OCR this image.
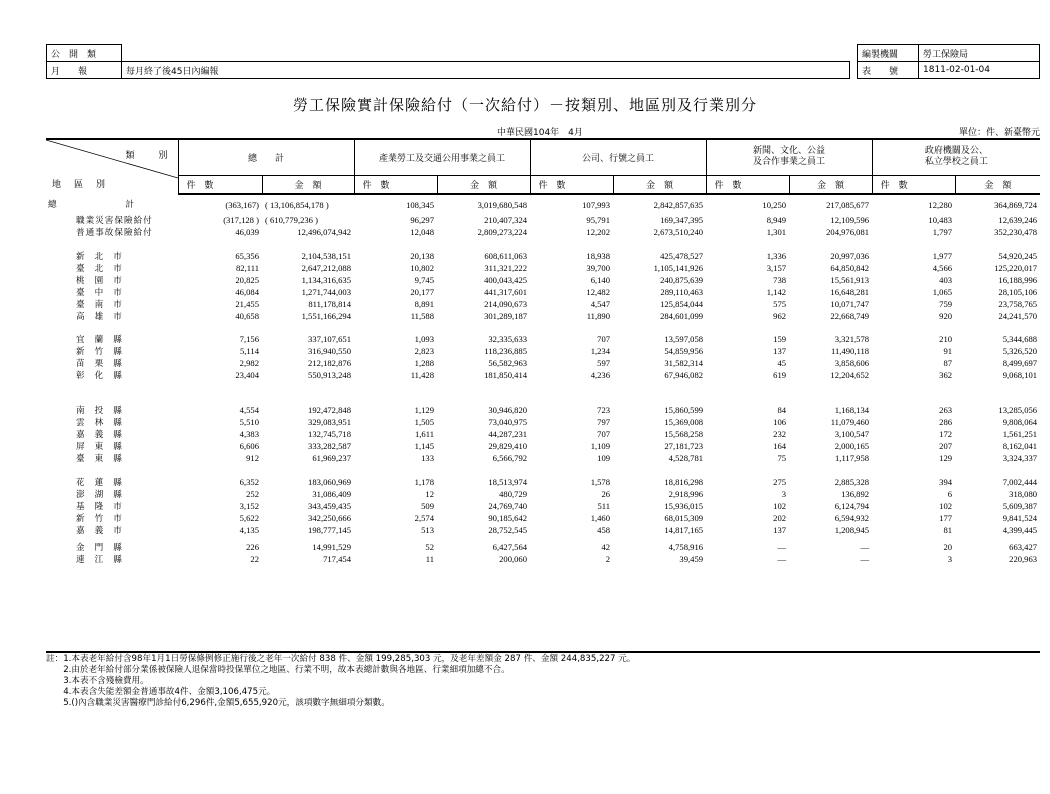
公　開　類	
月　　報	每月終了後45日內編報
編製機關	勞工保險局
表　　號	1811-02-01-04
勞工保險實計保險給付（一次給付）－按類別、地區別及行業別分
中華民國104年　4月	單位：件、新臺幣元
類　　別
地　區　別	總　　計		產業勞工及交通公用事業之員工		公司、行號之員工		新聞、文化、公益
及合作事業之員工		政府機關及公、
私立學校之員工	
	件　數	金　額	件　數	金　額	件　數	金　額	件　數	金　額	件　數	金　額
總　　　　　　　　計	(363,167)	( 13,106,854,178 )	108,345	3,019,680,548	107,993	2,842,857,635	10,250	217,085,677	12,280	364,869,724
職業災害保險給付	(317,128 )	( 610,779,236 )	96,297	210,407,324	95,791	169,347,395	8,949	12,109,596	10,483	12,639,246
普通事故保險給付	46,039	12,496,074,942	12,048	2,809,273,224	12,202	2,673,510,240	1,301	204,976,081	1,797	352,230,478

新北市	65,356	2,104,538,151	20,138	608,611,063	18,938	425,478,527	1,336	20,997,036	1,977	54,920,245
臺北市	82,111	2,647,212,088	10,802	311,321,222	39,700	1,105,141,926	3,157	64,850,842	4,566	125,220,017
桃園市	20,825	1,134,316,635	9,745	400,043,425	6,140	240,875,639	738	15,561,913	403	16,188,996
臺中市	46,084	1,271,744,003	20,177	441,317,601	12,482	289,110,463	1,142	16,648,281	1,065	28,105,106
臺南市	21,455	811,178,814	8,891	214,090,673	4,547	125,854,044	575	10,071,747	759	23,758,765
高雄市	40,658	1,551,166,294	11,588	301,289,187	11,890	284,601,099	962	22,668,749	920	24,241,570

宜蘭縣	7,156	337,107,651	1,093	32,335,633	707	13,597,058	159	3,321,578	210	5,344,688
新竹縣	5,114	316,940,550	2,823	118,236,885	1,234	54,859,956	137	11,490,118	91	5,326,520
苗栗縣	2,982	212,182,876	1,288	56,582,963	597	31,582,314	45	3,858,606	87	8,499,697
彰化縣	23,404	550,913,248	11,428	181,850,414	4,236	67,946,082	619	12,204,652	362	9,068,101

南投縣	4,554	192,472,848	1,129	30,946,820	723	15,860,599	84	1,168,134	263	13,285,056
雲林縣	5,510	329,083,951	1,505	73,040,975	797	15,369,008	106	11,079,460	286	9,808,064
嘉義縣	4,383	132,745,718	1,611	44,287,231	707	15,568,258	232	3,100,547	172	1,561,251
屏東縣	6,606	333,282,587	1,145	29,829,410	1,109	27,181,723	164	2,000,165	207	8,162,041
臺東縣	912	61,969,237	133	6,566,792	109	4,528,781	75	1,117,958	129	3,324,337

花蓮縣	6,352	183,060,969	1,178	18,513,974	1,578	18,816,298	275	2,885,328	394	7,002,444
澎湖縣	252	31,086,409	12	480,729	26	2,918,996	3	136,892	6	318,080
基隆市	3,152	343,459,435	509	24,769,740	511	15,936,015	102	6,124,794	102	5,609,387
新竹市	5,622	342,250,666	2,574	90,185,642	1,460	68,015,309	202	6,594,932	177	9,841,524
嘉義市	4,135	198,777,145	513	28,752,545	458	14,817,165	137	1,208,945	81	4,399,445

金門縣	226	14,991,529	52	6,427,564	42	4,758,916	—	—	20	663,427
連江縣	22	717,454	11	200,060	2	39,459	—	—	3	220,963
註：1.本表老年給付含98年1月1日勞保條例修正施行後之老年一次給付 838 件、金額 199,285,303 元，及老年差額金 287 件、金額 244,835,227 元。
　　2.由於老年給付部分業係被保險人退保當時投保單位之地區、行業不明，故本表總計數與各地區、行業細項加總不合。
　　3.本表不含殘檢費用。
　　4.本表含失能差額金普通事故4件、金額3,106,475元。
　　5.()內含職業災害醫療門診給付6,296件,金額5,655,920元，該項數字無細項分類數。
